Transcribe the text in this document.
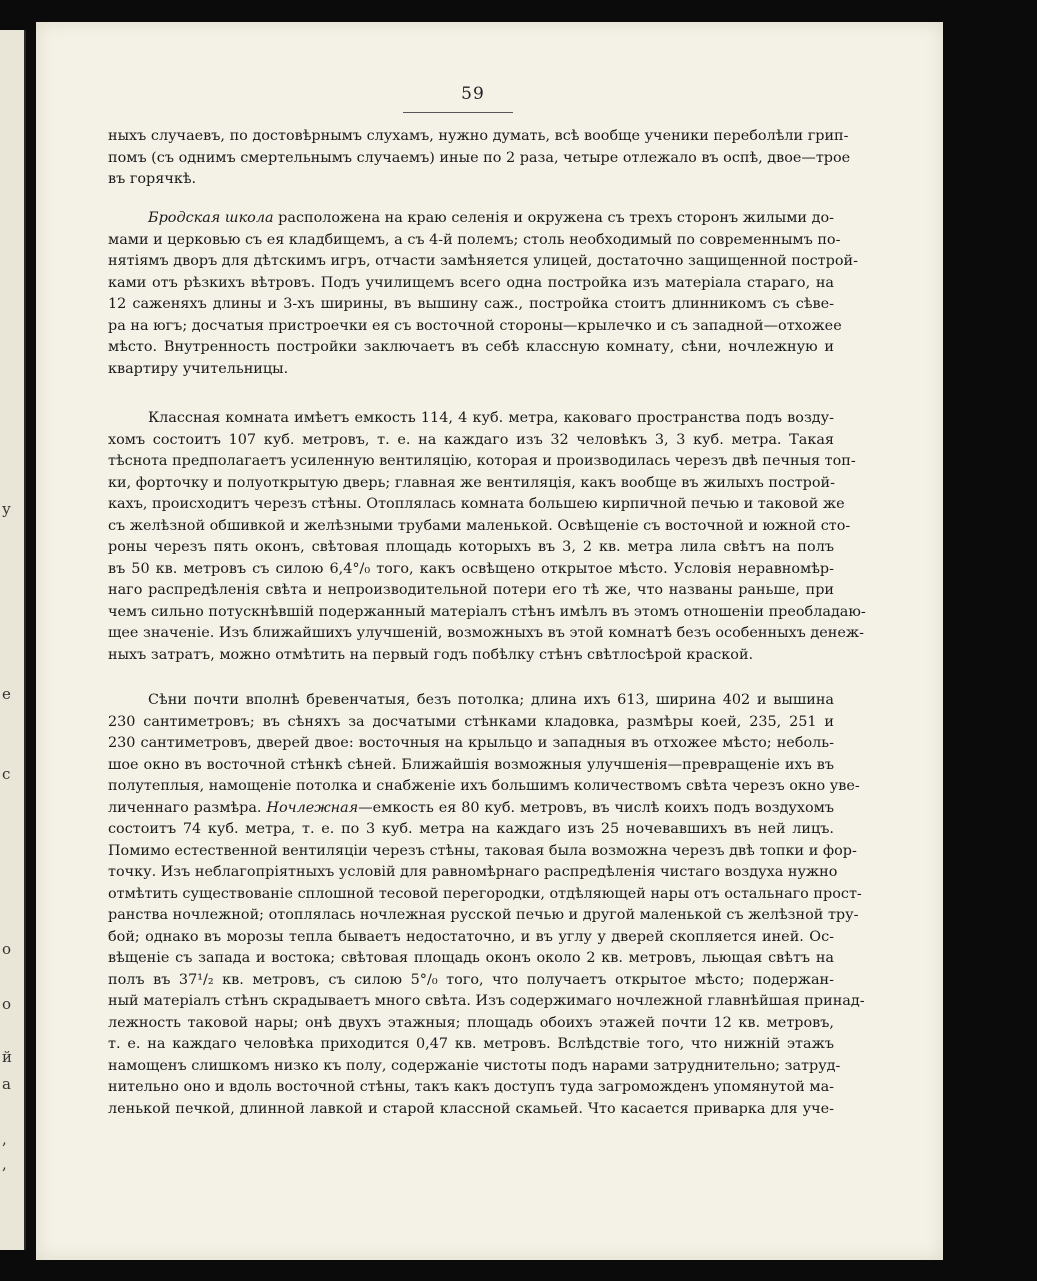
у
е
с
о
о
й
а
,
,
59
ныхъ случаевъ, по достовѣрнымъ слухамъ, нужно думать, всѣ вообще ученики переболѣли грип-
помъ (съ однимъ смертельнымъ случаемъ) иные по 2 раза, четыре отлежало въ оспѣ, двое—трое
въ горячкѣ.
Бродская школа расположена на краю селенія и окружена съ трехъ сторонъ жилыми до-
мами и церковью съ ея кладбищемъ, а съ 4-й полемъ; столь необходимый по современнымъ по-
нятіямъ дворъ для дѣтскимъ игръ, отчасти замѣняется улицей, достаточно защищенной построй-
ками отъ рѣзкихъ вѣтровъ. Подъ училищемъ всего одна постройка изъ матеріала стараго, на
12 саженяхъ длины и 3-хъ ширины, въ вышину саж., постройка стоитъ длинникомъ съ сѣве-
ра на югъ; досчатыя пристроечки ея съ восточной стороны—крылечко и съ западной—отхожее
мѣсто. Внутренность постройки заключаетъ въ себѣ классную комнату, сѣни, ночлежную и
квартиру учительницы.
Классная комната имѣетъ емкость 114, 4 куб. метра, каковаго пространства подъ возду-
хомъ состоитъ 107 куб. метровъ, т. е. на каждаго изъ 32 человѣкъ 3, 3 куб. метра. Такая
тѣснота предполагаетъ усиленную вентиляцію, которая и производилась черезъ двѣ печныя топ-
ки, форточку и полуоткрытую дверь; главная же вентиляція, какъ вообще въ жилыхъ построй-
кахъ, происходитъ черезъ стѣны. Отоплялась комната большею кирпичной печью и таковой же
съ желѣзной обшивкой и желѣзными трубами маленькой. Освѣщеніе съ восточной и южной сто-
роны черезъ пять оконъ, свѣтовая площадь которыхъ въ 3, 2 кв. метра лила свѣтъ на полъ
въ 50 кв. метровъ съ силою 6,4°/₀ того, какъ освѣщено открытое мѣсто. Условія неравномѣр-
наго распредѣленія свѣта и непроизводительной потери его тѣ же, что названы раньше, при
чемъ сильно потускнѣвшій подержанный матеріалъ стѣнъ имѣлъ въ этомъ отношеніи преобладаю-
щее значеніе. Изъ ближайшихъ улучшеній, возможныхъ въ этой комнатѣ безъ особенныхъ денеж-
ныхъ затратъ, можно отмѣтить на первый годъ побѣлку стѣнъ свѣтлосѣрой краской.
Сѣни почти вполнѣ бревенчатыя, безъ потолка; длина ихъ 613, ширина 402 и вышина
230 сантиметровъ; въ сѣняхъ за досчатыми стѣнками кладовка, размѣры коей, 235, 251 и
230 сантиметровъ, дверей двое: восточныя на крыльцо и западныя въ отхожее мѣсто; неболь-
шое окно въ восточной стѣнкѣ сѣней. Ближайшія возможныя улучшенія—превращеніе ихъ въ
полутеплыя, намощеніе потолка и снабженіе ихъ большимъ количествомъ свѣта черезъ окно уве-
личеннаго размѣра. Ночлежная—емкость ея 80 куб. метровъ, въ числѣ коихъ подъ воздухомъ
состоитъ 74 куб. метра, т. е. по 3 куб. метра на каждаго изъ 25 ночевавшихъ въ ней лицъ.
Помимо естественной вентиляціи черезъ стѣны, таковая была возможна черезъ двѣ топки и фор-
точку. Изъ неблагопріятныхъ условій для равномѣрнаго распредѣленія чистаго воздуха нужно
отмѣтить существованіе сплошной тесовой перегородки, отдѣляющей нары отъ остальнаго прост-
ранства ночлежной; отоплялась ночлежная русской печью и другой маленькой съ желѣзной тру-
бой; однако въ морозы тепла бываетъ недостаточно, и въ углу у дверей скопляется иней. Ос-
вѣщеніе съ запада и востока; свѣтовая площадь оконъ около 2 кв. метровъ, льющая свѣтъ на
полъ въ 37¹/₂ кв. метровъ, съ силою 5°/₀ того, что получаетъ открытое мѣсто; подержан-
ный матеріалъ стѣнъ скрадываетъ много свѣта. Изъ содержимаго ночлежной главнѣйшая принад-
лежность таковой нары; онѣ двухъ этажныя; площадь обоихъ этажей почти 12 кв. метровъ,
т. е. на каждаго человѣка приходится 0,47 кв. метровъ. Вслѣдствіе того, что нижній этажъ
намощенъ слишкомъ низко къ полу, содержаніе чистоты подъ нарами затруднительно; затруд-
нительно оно и вдоль восточной стѣны, такъ какъ доступъ туда загроможденъ упомянутой ма-
ленькой печкой, длинной лавкой и старой классной скамьей. Что касается приварка для уче-
